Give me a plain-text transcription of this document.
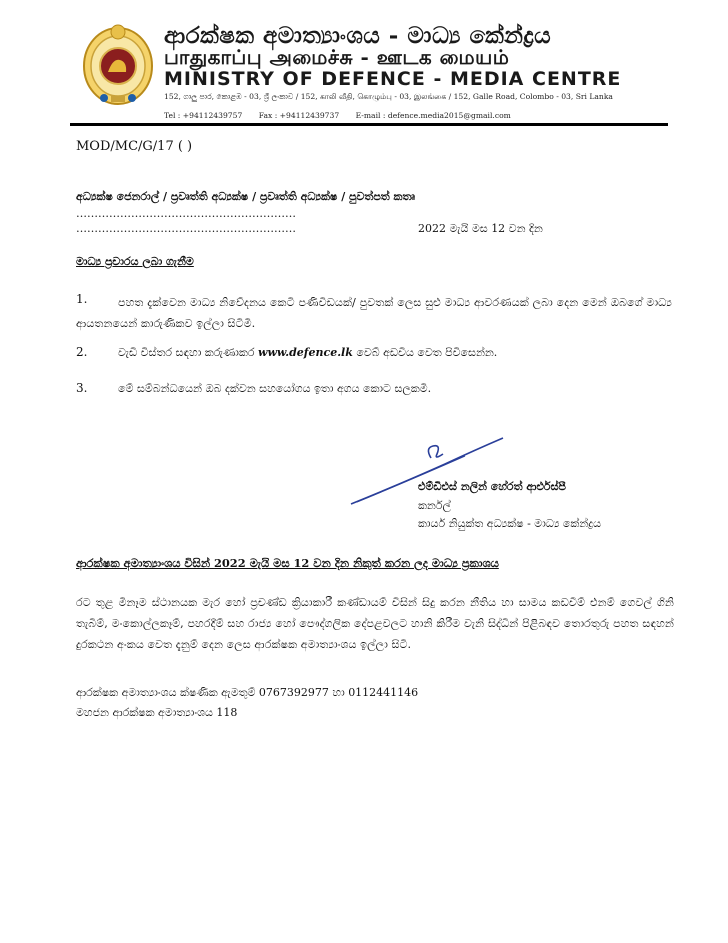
ආරක්ෂක අමාත්‍යාංශය - මාධ්‍ය කේන්ද්‍රය
பாதுகாப்பு அமைச்சு - ஊடக மையம்
MINISTRY OF DEFENCE - MEDIA CENTRE
152, ගාලු පාර, කොළඹ - 03, ශ්‍රී ලංකාව / 152, காலி வீதி, கொழும்பு - 03, இலங்கை / 152, Galle Road, Colombo - 03, Sri Lanka
Tel : +94112439757 Fax : +94112439737 E-mail : defence.media2015@gmail.com
MOD/MC/G/17 ( )
අධ්‍යක්ෂ ජෙනරාල් / ප්‍රවෘත්ති අධ්‍යක්ෂ / ප්‍රවෘත්ති අධ්‍යක්ෂ / පුවත්පත් කතෘ
……………………………………………………
……………………………………………………	2022 මැයි මස 12 වන දින
මාධ්‍ය ප්‍රචාරය ලබා ගැනීම
1.	පහත දැක්වෙන මාධ්‍ය නිවේදනය කෙටි පණිවිඩයක්/ පුවතක් ලෙස සුළු මාධ්‍ය ආවරණයක් ලබා දෙන මෙන් ඔබගේ මාධ්‍ය ආයතනයෙන් කාරුණිකව ඉල්ලා සිටිමි.
2.	වැඩි විස්තර සඳහා කරුණාකර www.defence.lk වෙබ් අඩවිය වෙත පිවිසෙන්න.
3.	මේ සම්බන්ධයෙන් ඔබ දක්වන සහයෝගය ඉතා අගය කොට සලකමි.
එම්ඩීඑස් නලින් හේරත් ආර්එස්පී
කර්නල්
කාර්ය නියුක්ත අධ්‍යක්ෂ - මාධ්‍ය කේන්ද්‍රය
ආරක්ෂක අමාත්‍යාංශය විසින් 2022 මැයි මස 12 වන දින නිකුත් කරන ලද මාධ්‍ය ප්‍රකාශය
රට තුළ මිනෑම ස්ථානයක මැර හෝ ප්‍රචණ්ඩ ක්‍රියාකාරී කණ්ඩායම් විසින් සිදු කරන නීතිය හා සාමය කඩවීම් එනම් ගෙවල් ගිනි තැබීම්, මංකොල්ලකෑම්, පහරදීම් සහ රාජ්‍ය හෝ පෞද්ගලික දේපළවලට හානි කිරීම වැනි සිද්ධීන් පිළිබඳව තොරතුරු පහත සඳහන් දුරකථන අංකය වෙත දැනුම් දෙන ලෙස ආරක්ෂක අමාත්‍යාංශය ඉල්ලා සිටී.
ආරක්ෂක අමාත්‍යාංශය ක්ෂණික ඇමතුම් 0767392977 හා 0112441146
මහජන ආරක්ෂක අමාත්‍යාංශය 118
